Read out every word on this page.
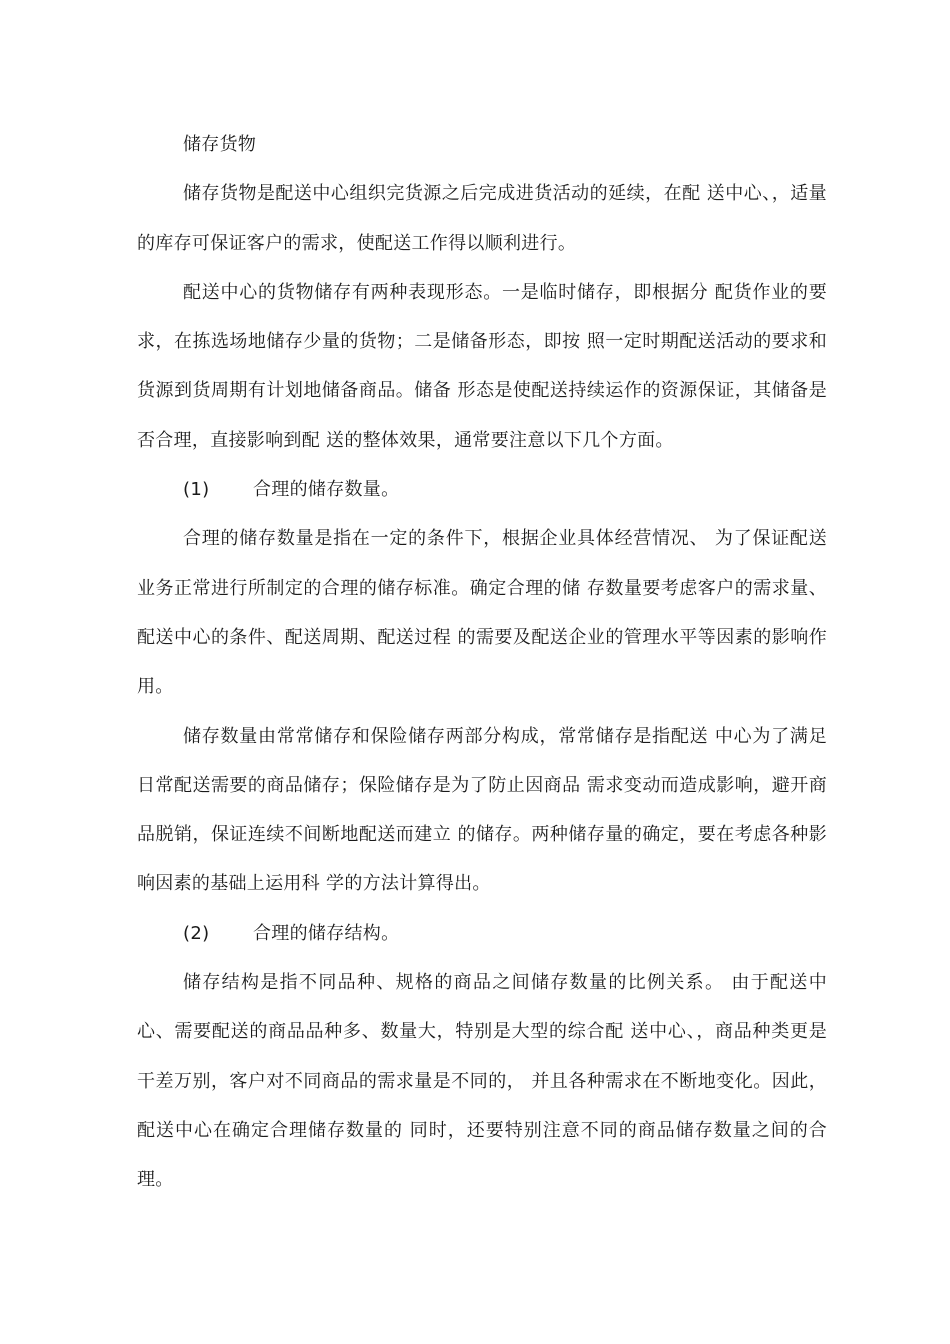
储存货物

储存货物是配送中心组织完货源之后完成进货活动的延续，在配 送中心、，适量的库存可保证客户的需求，使配送工作得以顺利进行。

配送中心的货物储存有两种表现形态。一是临时储存，即根据分 配货作业的要求，在拣选场地储存少量的货物；二是储备形态，即按 照一定时期配送活动的要求和货源到货周期有计划地储备商品。储备 形态是使配送持续运作的资源保证，其储备是否合理，直接影响到配 送的整体效果，通常要注意以下几个方面。

(1) 合理的储存数量。

合理的储存数量是指在一定的条件下，根据企业具体经营情况、 为了保证配送业务正常进行所制定的合理的储存标准。确定合理的储 存数量要考虑客户的需求量、配送中心的条件、配送周期、配送过程 的需要及配送企业的管理水平等因素的影响作用。

储存数量由常常储存和保险储存两部分构成，常常储存是指配送 中心为了满足日常配送需要的商品储存；保险储存是为了防止因商品 需求变动而造成影响，避开商品脱销，保证连续不间断地配送而建立 的储存。两种储存量的确定，要在考虑各种影响因素的基础上运用科 学的方法计算得出。

(2) 合理的储存结构。

储存结构是指不同品种、规格的商品之间储存数量的比例关系。 由于配送中心、需要配送的商品品种多、数量大，特别是大型的综合配 送中心、，商品种类更是干差万别，客户对不同商品的需求量是不同的， 并且各种需求在不断地变化。因此，配送中心在确定合理储存数量的 同时，还要特别注意不同的商品储存数量之间的合理。
